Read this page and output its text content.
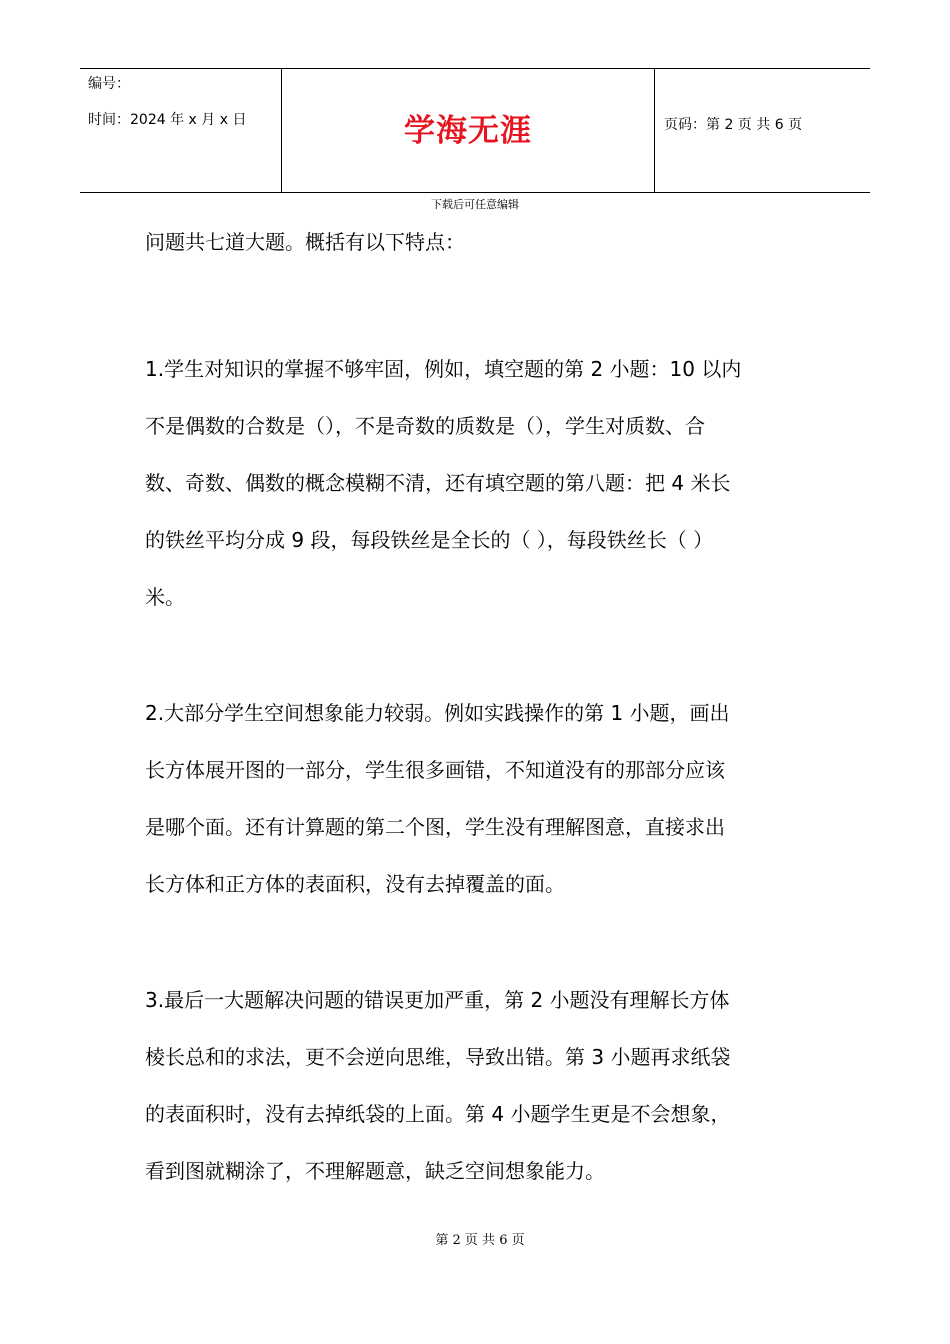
编号：
时间：2024 年 x 月 x 日	学海无涯	页码：第 2 页 共 6 页
下载后可任意编辑
问题共七道大题。概括有以下特点：
1.学生对知识的掌握不够牢固，例如，填空题的第 2 小题：10 以内
不是偶数的合数是（），不是奇数的质数是（），学生对质数、合
数、奇数、偶数的概念模糊不清，还有填空题的第八题：把 4 米长
的铁丝平均分成 9 段，每段铁丝是全长的（ ），每段铁丝长（ ）
米。
2.大部分学生空间想象能力较弱。例如实践操作的第 1 小题，画出
长方体展开图的一部分，学生很多画错，不知道没有的那部分应该
是哪个面。还有计算题的第二个图，学生没有理解图意，直接求出
长方体和正方体的表面积，没有去掉覆盖的面。
3.最后一大题解决问题的错误更加严重，第 2 小题没有理解长方体
棱长总和的求法，更不会逆向思维，导致出错。第 3 小题再求纸袋
的表面积时，没有去掉纸袋的上面。第 4 小题学生更是不会想象，
看到图就糊涂了，不理解题意，缺乏空间想象能力。
第 2 页 共 6 页
